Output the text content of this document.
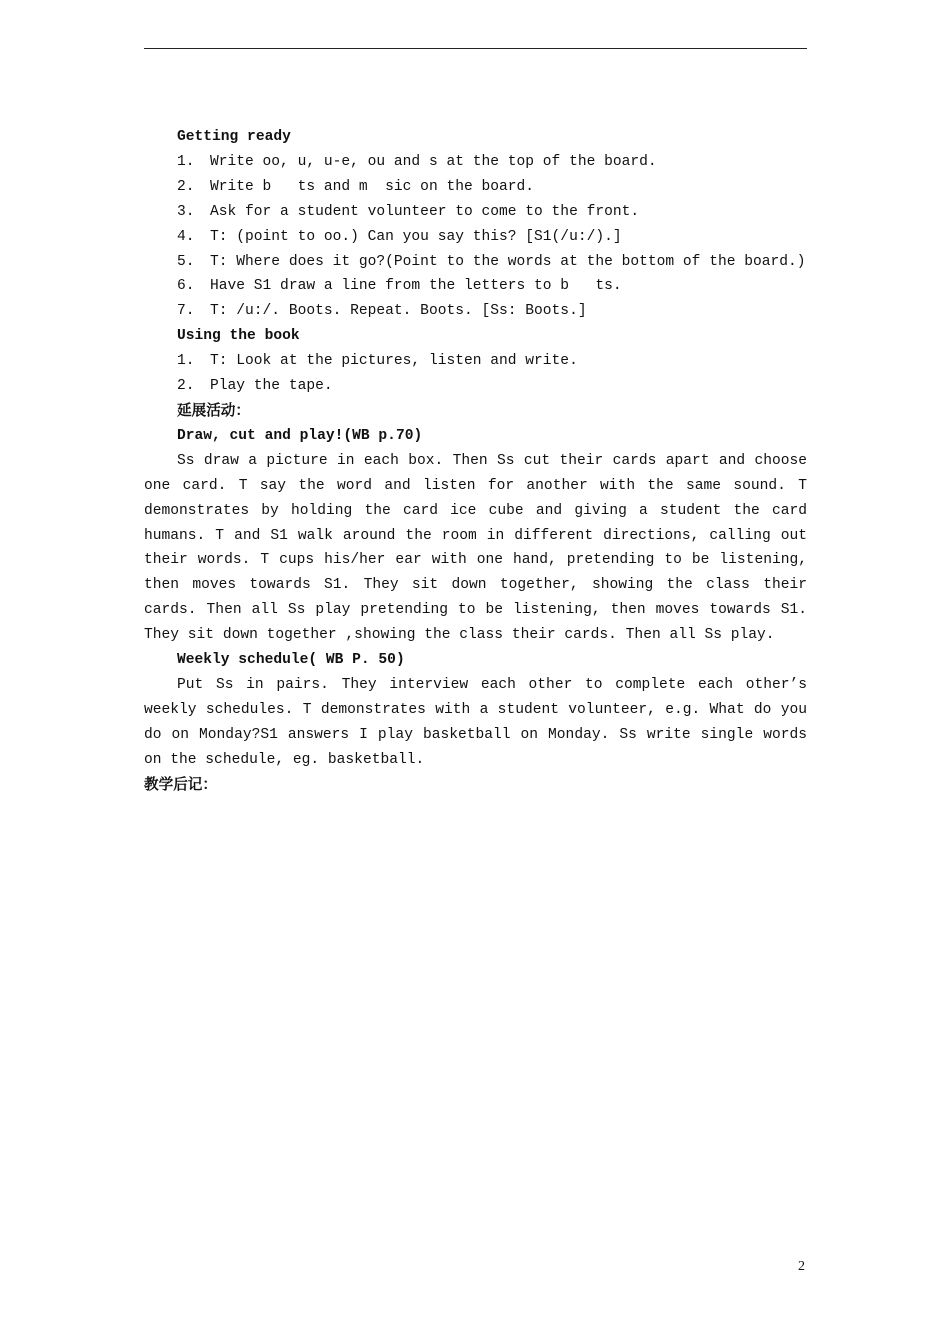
Getting ready
1. Write oo, u, u-e, ou and s at the top of the board.
2. Write b   ts and m  sic on the board.
3. Ask for a student volunteer to come to the front.
4. T: (point to oo.) Can you say this? [S1(/u:/).]
5. T: Where does it go?(Point to the words at the bottom of the board.)
6. Have S1 draw a line from the letters to b   ts.
7. T: /u:/. Boots. Repeat. Boots. [Ss: Boots.]
Using the book
1. T: Look at the pictures, listen and write.
2. Play the tape.
延展活动：
Draw, cut and play!(WB p.70)
Ss draw a picture in each box. Then Ss cut their cards apart and choose one card. T say the word and listen for another with the same sound. T demonstrates by holding the card ice cube and giving a student the card humans. T and S1 walk around the room in different directions, calling out their words. T cups his/her ear with one hand, pretending to be listening, then moves towards S1. They sit down together, showing the class their cards. Then all Ss play pretending to be listening, then moves towards S1. They sit down together ,showing the class their cards. Then all Ss play.
Weekly schedule( WB P. 50)
Put Ss in pairs. They interview each other to complete each other’s weekly schedules. T demonstrates with a student volunteer, e.g. What do you do on Monday?S1 answers I play basketball on Monday. Ss write single words on the schedule, eg. basketball.
教学后记：
2
